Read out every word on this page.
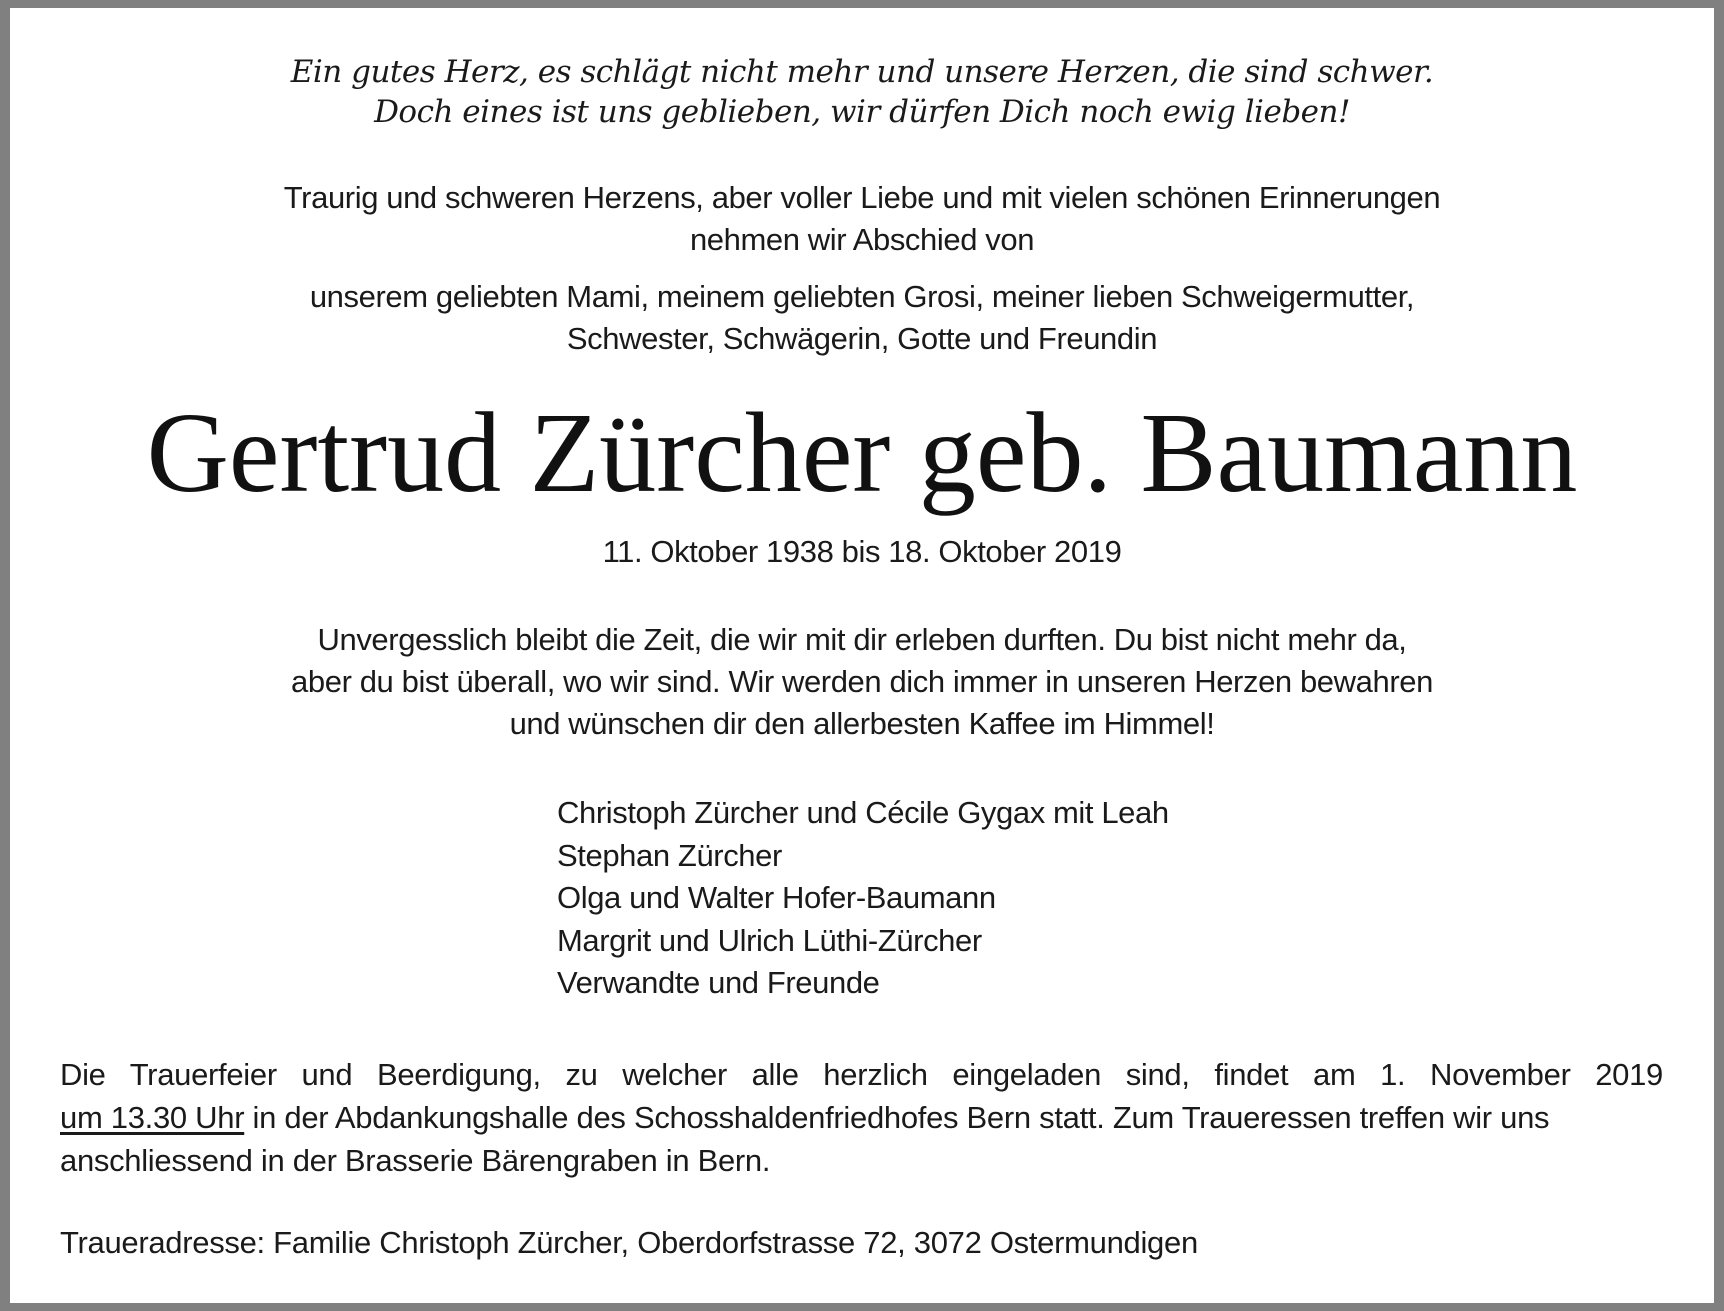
Ein gutes Herz, es schlägt nicht mehr und unsere Herzen, die sind schwer.
Doch eines ist uns geblieben, wir dürfen Dich noch ewig lieben!
Traurig und schweren Herzens, aber voller Liebe und mit vielen schönen Erinnerungen
nehmen wir Abschied von
unserem geliebten Mami, meinem geliebten Grosi, meiner lieben Schweigermutter,
Schwester, Schwägerin, Gotte und Freundin
Gertrud Zürcher geb. Baumann
11. Oktober 1938 bis 18. Oktober 2019
Unvergesslich bleibt die Zeit, die wir mit dir erleben durften. Du bist nicht mehr da,
aber du bist überall, wo wir sind. Wir werden dich immer in unseren Herzen bewahren
und wünschen dir den allerbesten Kaffee im Himmel!
Christoph Zürcher und Cécile Gygax mit Leah
Stephan Zürcher
Olga und Walter Hofer-Baumann
Margrit und Ulrich Lüthi-Zürcher
Verwandte und Freunde
Die Trauerfeier und Beerdigung, zu welcher alle herzlich eingeladen sind, findet am 1. November 2019
um 13.30 Uhr in der Abdankungshalle des Schosshaldenfriedhofes Bern statt. Zum Traueressen treffen wir uns
anschliessend in der Brasserie Bärengraben in Bern.
Traueradresse: Familie Christoph Zürcher, Oberdorfstrasse 72, 3072 Ostermundigen
